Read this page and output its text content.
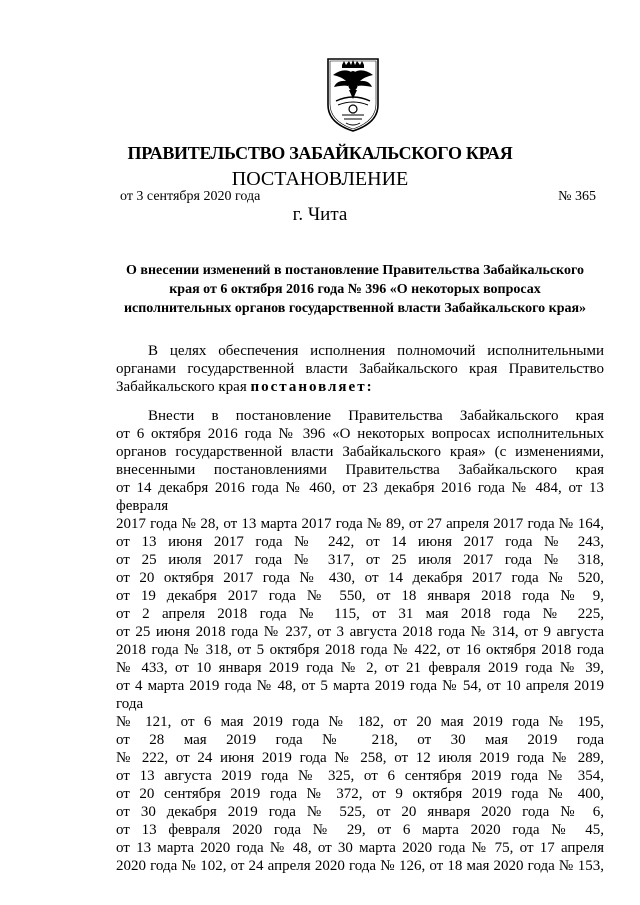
ПРАВИТЕЛЬСТВО ЗАБАЙКАЛЬСКОГО КРАЯ
ПОСТАНОВЛЕНИЕ
от 3 сентября 2020 года	№ 365
г. Чита
О внесении изменений в постановление Правительства Забайкальского
края от 6 октября 2016 года № 396 «О некоторых вопросах
исполнительных органов государственной власти Забайкальского края»
В целях обеспечения исполнения полномочий исполнительными
органами государственной власти Забайкальского края Правительство
Забайкальского края постановляет:
Внести в постановление Правительства Забайкальского края
от 6 октября 2016 года № 396 «О некоторых вопросах исполнительных
органов государственной власти Забайкальского края» (с изменениями,
внесенными постановлениями Правительства Забайкальского края
от 14 декабря 2016 года № 460, от 23 декабря 2016 года № 484, от 13 февраля
2017 года № 28, от 13 марта 2017 года № 89, от 27 апреля 2017 года № 164,
от 13 июня 2017 года № 242, от 14 июня 2017 года № 243,
от 25 июля 2017 года № 317, от 25 июля 2017 года № 318,
от 20 октября 2017 года № 430, от 14 декабря 2017 года № 520,
от 19 декабря 2017 года № 550, от 18 января 2018 года № 9,
от 2 апреля 2018 года № 115, от 31 мая 2018 года № 225,
от 25 июня 2018 года № 237, от 3 августа 2018 года № 314, от 9 августа
2018 года № 318, от 5 октября 2018 года № 422, от 16 октября 2018 года
№ 433, от 10 января 2019 года № 2, от 21 февраля 2019 года № 39,
от 4 марта 2019 года № 48, от 5 марта 2019 года № 54, от 10 апреля 2019 года
№ 121, от 6 мая 2019 года № 182, от 20 мая 2019 года № 195,
от 28 мая 2019 года № 218, от 30 мая 2019 года
№ 222, от 24 июня 2019 года № 258, от 12 июля 2019 года № 289,
от 13 августа 2019 года № 325, от 6 сентября 2019 года № 354,
от 20 сентября 2019 года № 372, от 9 октября 2019 года № 400,
от 30 декабря 2019 года № 525, от 20 января 2020 года № 6,
от 13 февраля 2020 года № 29, от 6 марта 2020 года № 45,
от 13 марта 2020 года № 48, от 30 марта 2020 года № 75, от 17 апреля
2020 года № 102, от 24 апреля 2020 года № 126, от 18 мая 2020 года № 153,
